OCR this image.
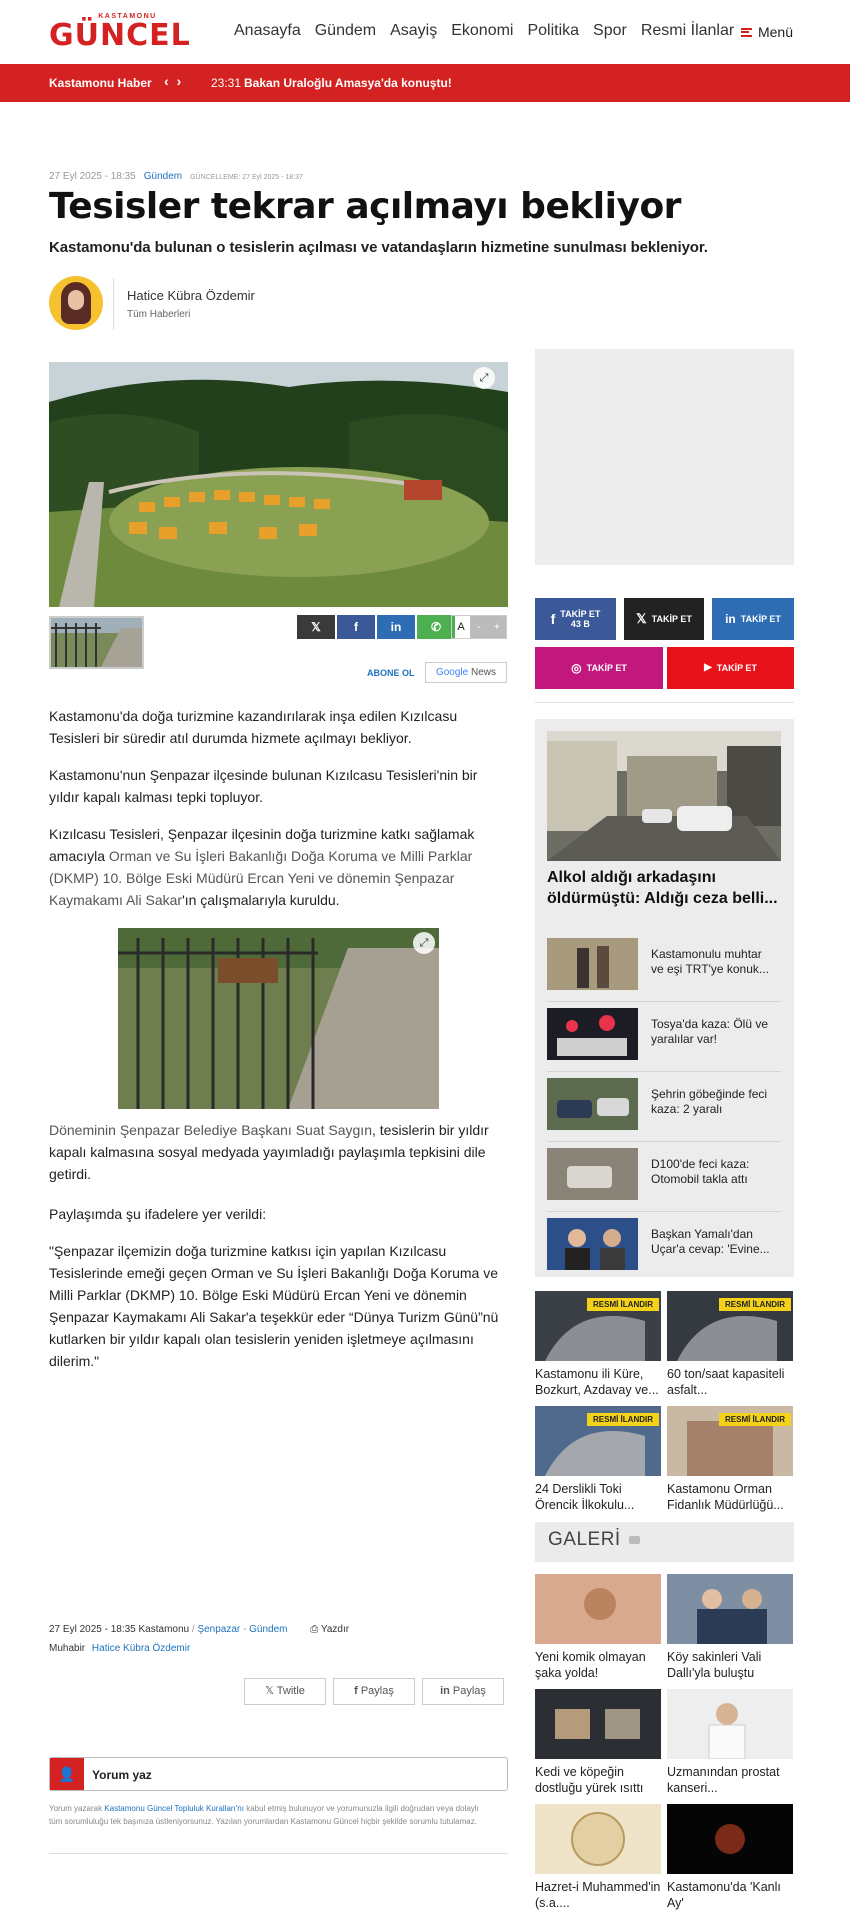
KASTAMONU
GÜNCEL	Anasayfa Gündem Asayiş Ekonomi Politika Spor Resmi İlanlar Menü
Kastamonu Haber ‹› 23:31 Bakan Uraloğlu Amasya'da konuştu!
27 Eyl 2025 - 18:35 Gündem GÜNCELLEME: 27 Eyl 2025 - 18:37
Tesisler tekrar açılmayı bekliyor
Kastamonu'da bulunan o tesislerin açılması ve vatandaşların hizmetine sunulması bekleniyor.
Hatice Kübra Özdemir
Tüm Haberleri
⤢
𝕏	f	in	✆	A	-	+
ABONE OL	Google News

Kastamonu'da doğa turizmine kazandırılarak inşa edilen Kızılcasu Tesisleri bir süredir atıl durumda hizmete açılmayı bekliyor.

Kastamonu'nun Şenpazar ilçesinde bulunan Kızılcasu Tesisleri'nin bir yıldır kapalı kalması tepki topluyor.

Kızılcasu Tesisleri, Şenpazar ilçesinin doğa turizmine katkı sağlamak amacıyla Orman ve Su İşleri Bakanlığı Doğa Koruma ve Milli Parklar (DKMP) 10. Bölge Eski Müdürü Ercan Yeni ve dönemin Şenpazar Kaymakamı Ali Sakar'ın çalışmalarıyla kuruldu.

⤢

Döneminin Şenpazar Belediye Başkanı Suat Saygın, tesislerin bir yıldır kapalı kalmasına sosyal medyada yayımladığı paylaşımla tepkisini dile getirdi.

Paylaşımda şu ifadelere yer verildi:

"Şenpazar ilçemizin doğa turizmine katkısı için yapılan Kızılcasu Tesislerinde emeği geçen Orman ve Su İşleri Bakanlığı Doğa Koruma ve Milli Parklar (DKMP) 10. Bölge Eski Müdürü Ercan Yeni ve dönemin Şenpazar Kaymakamı Ali Sakar'a teşekkür eder “Dünya Turizm Günü”nü kutlarken bir yıldır kapalı olan tesislerin yeniden işletmeye açılmasını dilerim."

27 Eyl 2025 - 18:35 Kastamonu / Şenpazar - Gündem ⎙ Yazdır
Muhabir Hatice Kübra Özdemir
𝕏 Twitle	f Paylaş	in Paylaş
👤	Yorum yaz

Yorum yazarak Kastamonu Güncel Topluluk Kuralları'nı kabul etmiş bulunuyor ve yorumunuzla ilgili doğrudan veya dolaylı tüm sorumluluğu tek başınıza üstleniyorsunuz. Yazılan yorumlardan Kastamonu Güncel hiçbir şekilde sorumlu tutulamaz.

f TAKİP ET
43 B	𝕏 TAKİP ET	in TAKİP ET
◎ TAKİP ET	▶ TAKİP ET
Alkol aldığı arkadaşını öldürmüştü: Aldığı ceza belli...
Kastamonulu muhtar ve eşi TRT'ye konuk...
Tosya'da kaza: Ölü ve yaralılar var!
Şehrin göbeğinde feci kaza: 2 yaralı
D100'de feci kaza: Otomobil takla attı
Başkan Yamalı'dan Uçar'a cevap: 'Evine...
RESMİ İLANDIR
Kastamonu ili Küre, Bozkurt, Azdavay ve...
RESMİ İLANDIR
60 ton/saat kapasiteli asfalt...
RESMİ İLANDIR
24 Derslikli Toki Örencik İlkokulu...
RESMİ İLANDIR
Kastamonu Orman Fidanlık Müdürlüğü...
GALERİ
Yeni komik olmayan şaka yolda!
Köy sakinleri Vali Dallı'yla buluştu
Kedi ve köpeğin dostluğu yürek ısıttı
Uzmanından prostat kanseri...
Hazret-i Muhammed'in (s.a....
Kastamonu'da 'Kanlı Ay'
